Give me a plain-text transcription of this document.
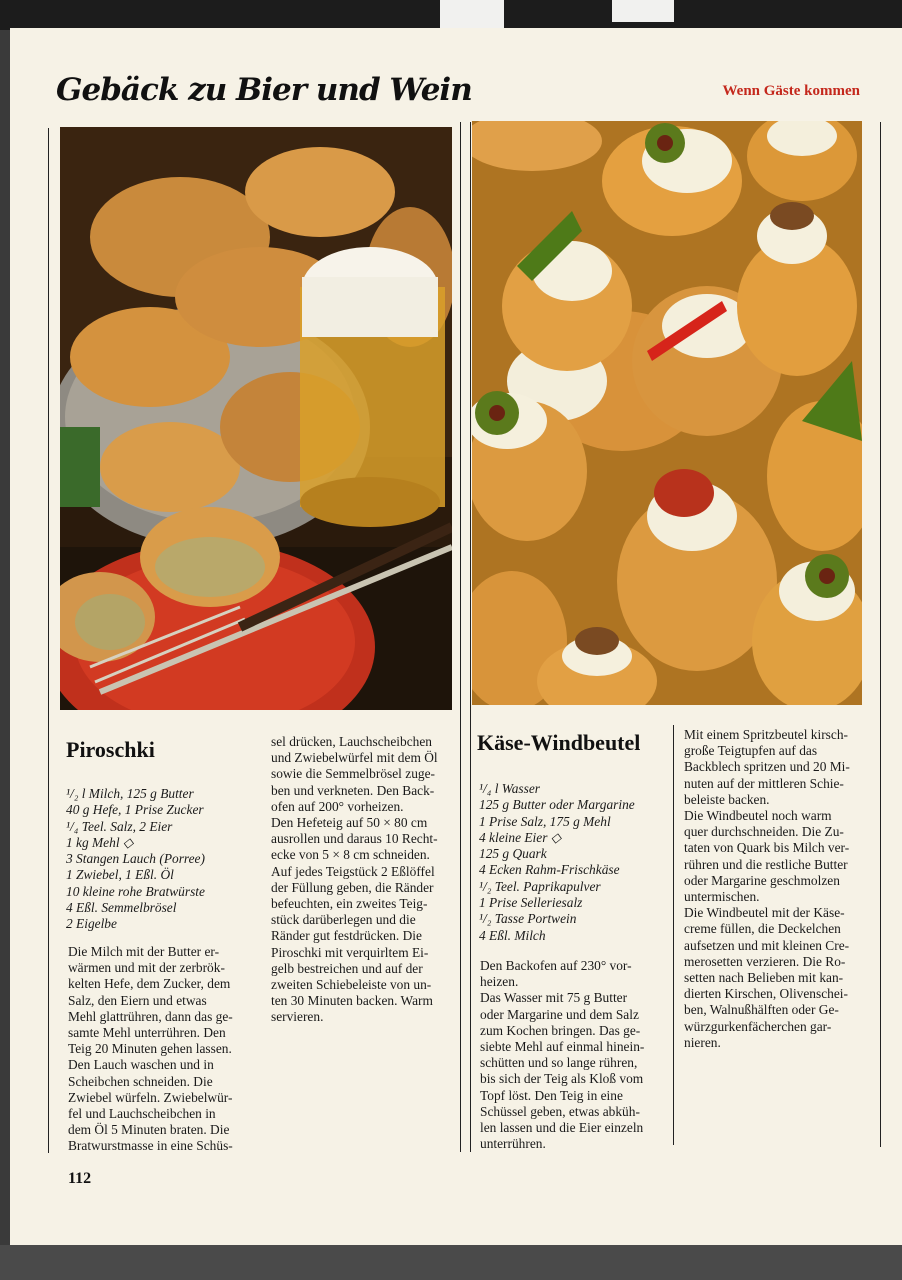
Gebäck zu Bier und Wein	Wenn Gäste kommen
Piroschki
¹/₂ l Milch, 125 g Butter
40 g Hefe, 1 Prise Zucker
¹/₄ Teel. Salz, 2 Eier
1 kg Mehl ◇
3 Stangen Lauch (Porree)
1 Zwiebel, 1 Eßl. Öl
10 kleine rohe Bratwürste
4 Eßl. Semmelbrösel
2 Eigelbe
Die Milch mit der Butter er-
wärmen und mit der zerbrök-
kelten Hefe, dem Zucker, dem
Salz, den Eiern und etwas
Mehl glattrühren, dann das ge-
samte Mehl unterrühren. Den
Teig 20 Minuten gehen lassen.
Den Lauch waschen und in
Scheibchen schneiden. Die
Zwiebel würfeln. Zwiebelwür-
fel und Lauchscheibchen in
dem Öl 5 Minuten braten. Die
Bratwurstmasse in eine Schüs-
sel drücken, Lauchscheibchen
und Zwiebelwürfel mit dem Öl
sowie die Semmelbrösel zuge-
ben und verkneten. Den Back-
ofen auf 200° vorheizen.
Den Hefeteig auf 50 × 80 cm
ausrollen und daraus 10 Recht-
ecke von 5 × 8 cm schneiden.
Auf jedes Teigstück 2 Eßlöffel
der Füllung geben, die Ränder
befeuchten, ein zweites Teig-
stück darüberlegen und die
Ränder gut festdrücken. Die
Piroschki mit verquirltem Ei-
gelb bestreichen und auf der
zweiten Schiebeleiste von un-
ten 30 Minuten backen. Warm
servieren.
Käse-Windbeutel
¹/₄ l Wasser
125 g Butter oder Margarine
1 Prise Salz, 175 g Mehl
4 kleine Eier ◇
125 g Quark
4 Ecken Rahm-Frischkäse
¹/₂ Teel. Paprikapulver
1 Prise Selleriesalz
¹/₂ Tasse Portwein
4 Eßl. Milch
Den Backofen auf 230° vor-
heizen.
Das Wasser mit 75 g Butter
oder Margarine und dem Salz
zum Kochen bringen. Das ge-
siebte Mehl auf einmal hinein-
schütten und so lange rühren,
bis sich der Teig als Kloß vom
Topf löst. Den Teig in eine
Schüssel geben, etwas abküh-
len lassen und die Eier einzeln
unterrühren.
Mit einem Spritzbeutel kirsch-
große Teigtupfen auf das
Backblech spritzen und 20 Mi-
nuten auf der mittleren Schie-
beleiste backen.
Die Windbeutel noch warm
quer durchschneiden. Die Zu-
taten von Quark bis Milch ver-
rühren und die restliche Butter
oder Margarine geschmolzen
untermischen.
Die Windbeutel mit der Käse-
creme füllen, die Deckelchen
aufsetzen und mit kleinen Cre-
merosetten verzieren. Die Ro-
setten nach Belieben mit kan-
dierten Kirschen, Olivenschei-
ben, Walnußhälften oder Ge-
würzgurkenfächerchen gar-
nieren.
112
